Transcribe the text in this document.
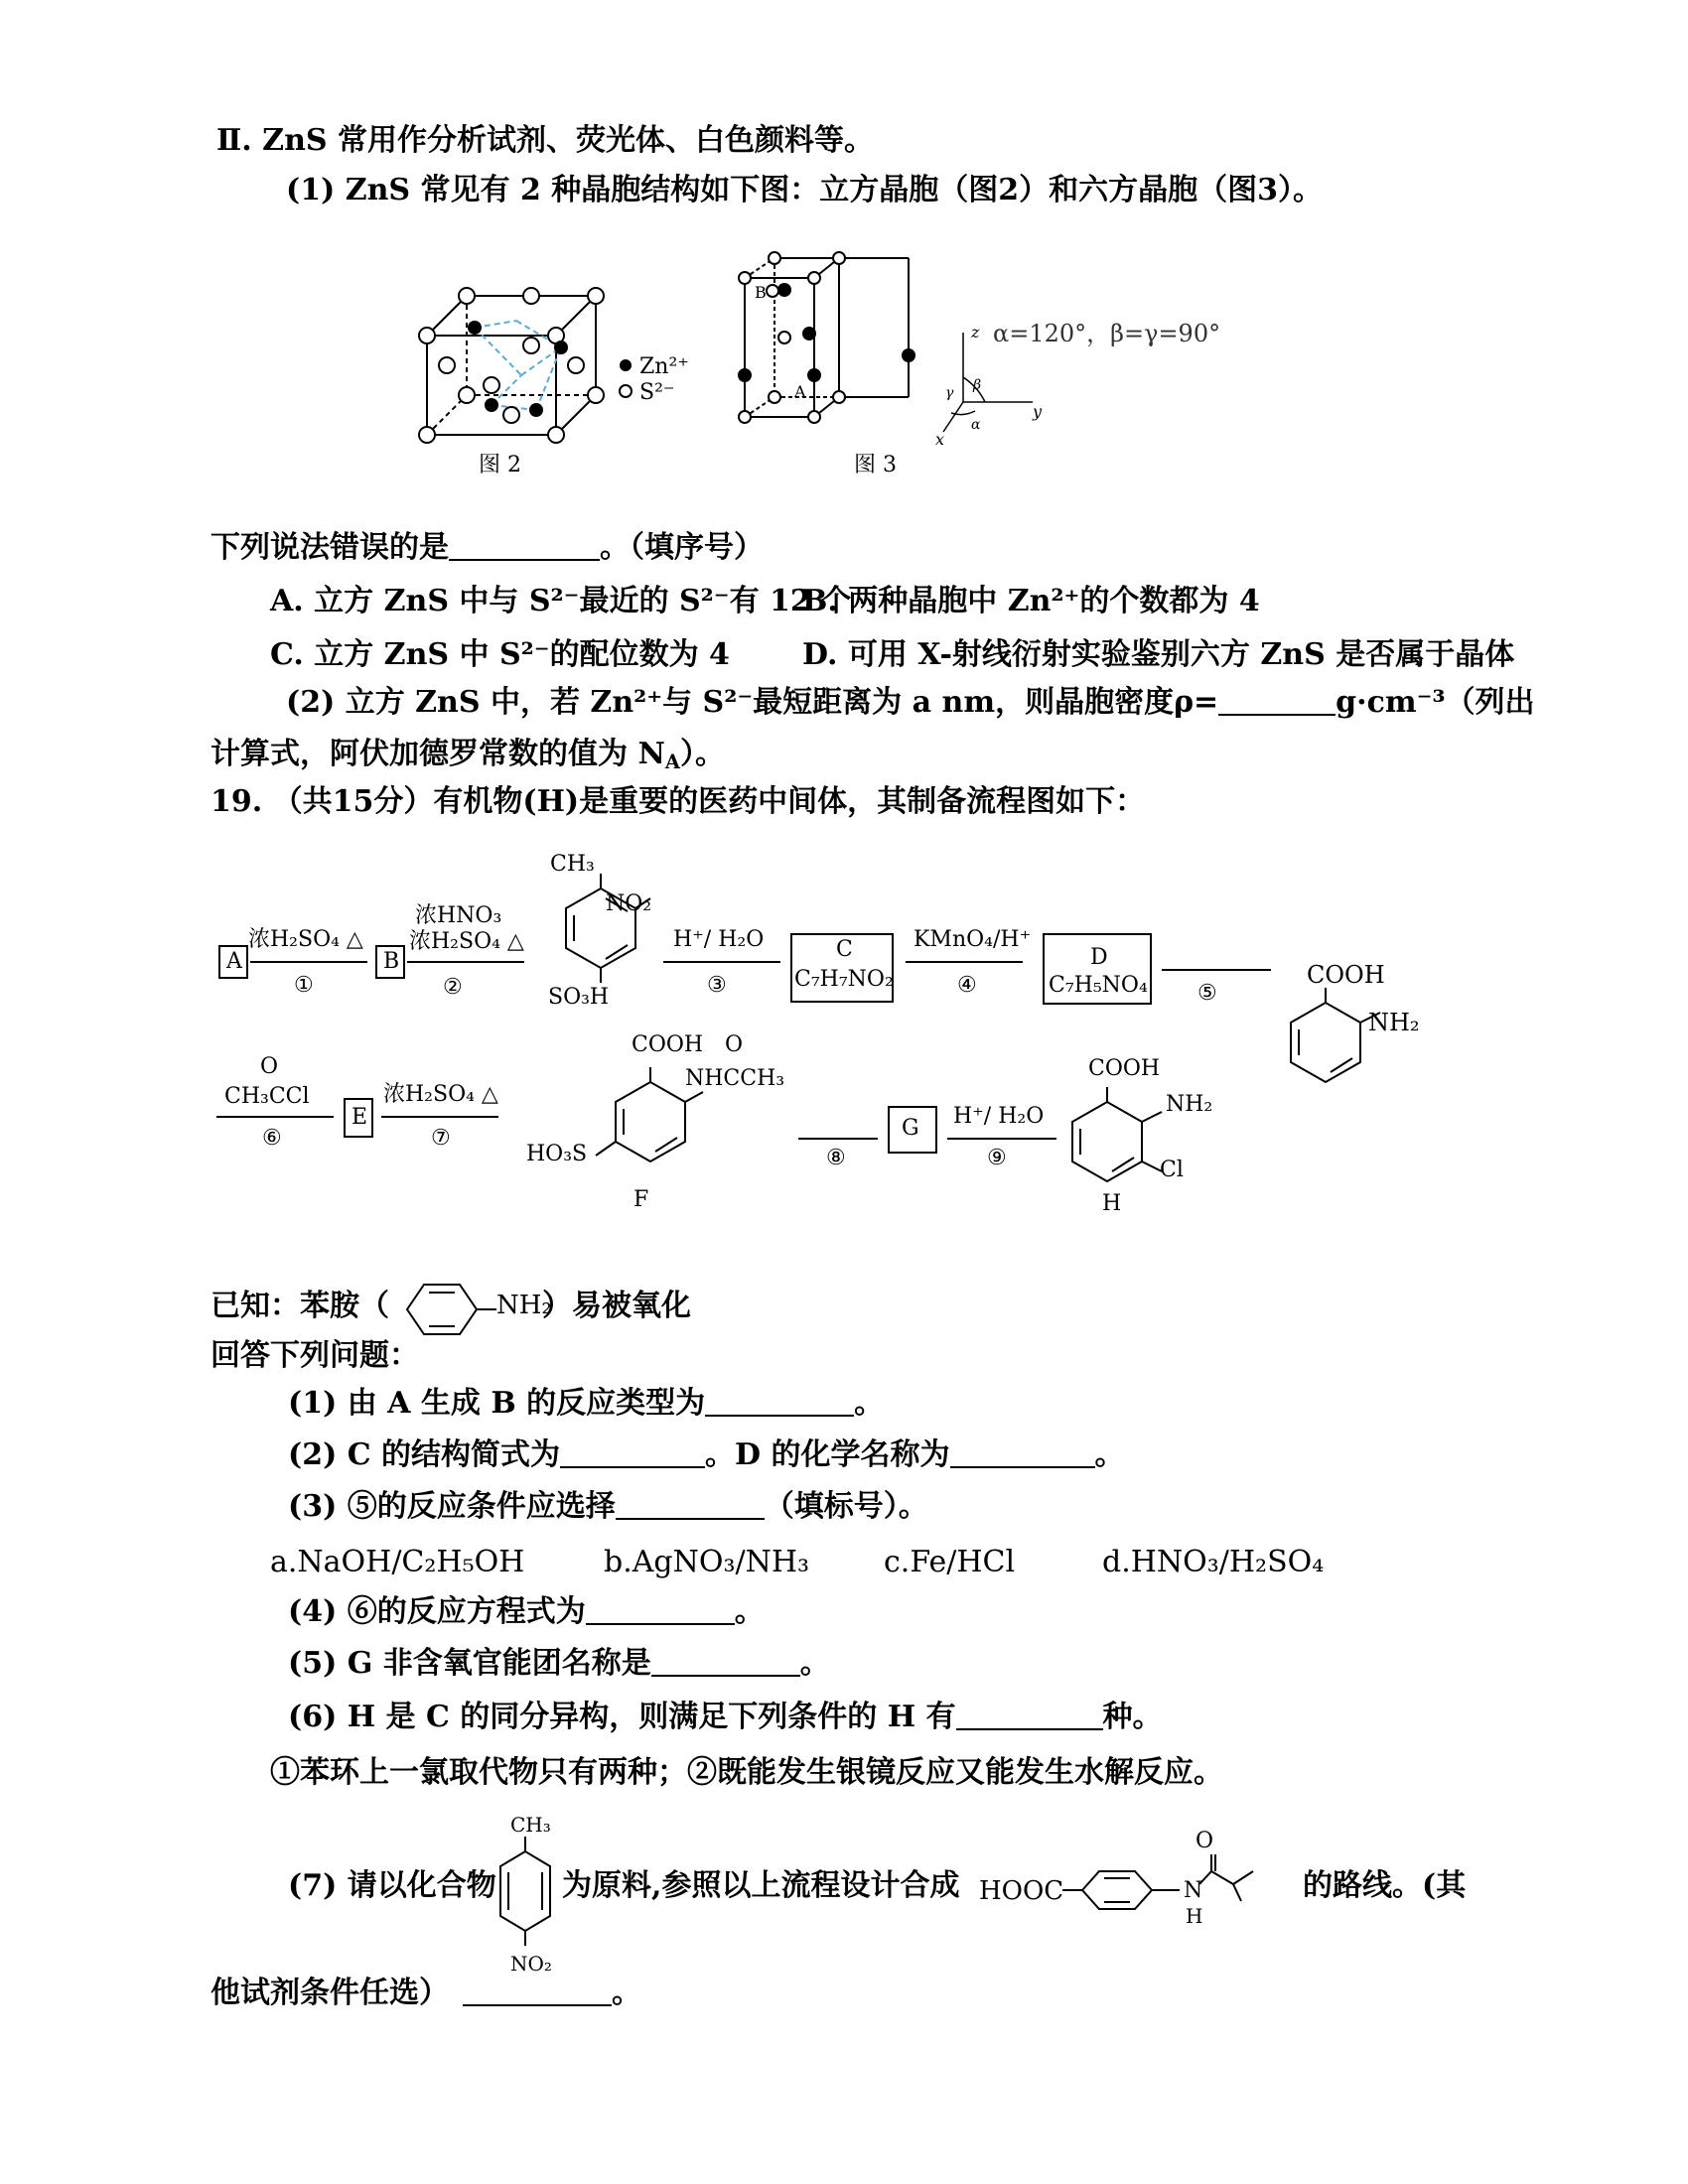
Ⅱ. ZnS 常用作分析试剂、荧光体、白色颜料等。
(1) ZnS 常见有 2 种晶胞结构如下图：立方晶胞（图2）和六方晶胞（图3）。
Zn²⁺
S²⁻
图 2
B
A
图 3
z
y
x
α
β
γ
α=120°，β=γ=90°
下列说法错误的是	。（填序号）
A. 立方 ZnS 中与 S²⁻最近的 S²⁻有 12 个
B. 两种晶胞中 Zn²⁺的个数都为 4
C. 立方 ZnS 中 S²⁻的配位数为 4 D. 可用 X-射线衍射实验鉴别六方 ZnS 是否属于晶体
(2) 立方 ZnS 中，若 Zn²⁺与 S²⁻最短距离为 a nm，则晶胞密度ρ=	g·cm⁻³（列出
计算式，阿伏加德罗常数的值为 $N_A$）。
19. （共15分）有机物(H)是重要的医药中间体，其制备流程图如下：
A
浓H₂SO₄ △
①
B
浓HNO₃
浓H₂SO₄ △
②
CH₃
NO₂
SO₃H
H⁺/ H₂O
③
C
C₇H₇NO₂
KMnO₄/H⁺
④
D
C₇H₅NO₄ ⑤
COOH
NH₂
O
CH₃CCl
⑥
E
浓H₂SO₄ △
⑦
COOH O
NHCCH₃
HO₃S
F
⑧
G H⁺/ H₂O
⑨
COOH
NH₂
Cl
H
已知：苯胺（	NH₂
）易被氧化
回答下列问题：
(1) 由 A 生成 B 的反应类型为	。
(2) C 的结构简式为	。D 的化学名称为	。
(3) ⑤的反应条件应选择	（填标号）。
a.NaOH/C₂H₅OH	b.AgNO₃/NH₃ c.Fe/HCl	d.HNO₃/H₂SO₄
(4) ⑥的反应方程式为	。
(5) G 非含氧官能团名称是	。
(6) H 是 C 的同分异构，则满足下列条件的 H 有	种。
①苯环上一氯取代物只有两种；②既能发生银镜反应又能发生水解反应。
(7) 请以化合物
CH₃
NO₂
为原料,参照以上流程设计合成 HOOC
O
N
H
的路线。(其
他试剂条件任选）	。
